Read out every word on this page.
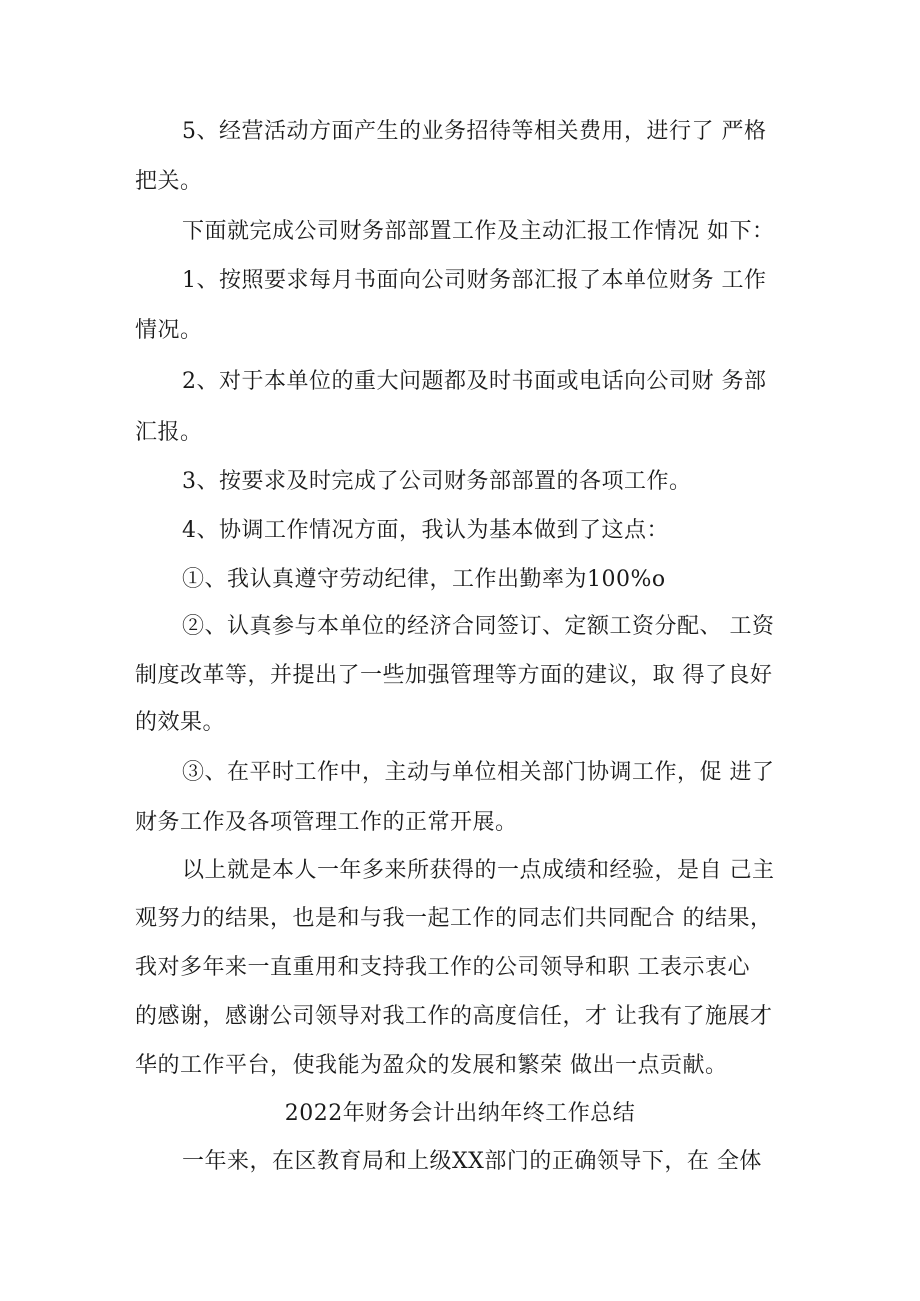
5、经营活动方面产生的业务招待等相关费用，进行了 严格
把关。
下面就完成公司财务部部置工作及主动汇报工作情况 如下：
1、按照要求每月书面向公司财务部汇报了本单位财务 工作
情况。
2、对于本单位的重大问题都及时书面或电话向公司财 务部
汇报。
3、按要求及时完成了公司财务部部置的各项工作。
4、协调工作情况方面，我认为基本做到了这点：
①、我认真遵守劳动纪律，工作出勤率为100%o
②、认真参与本单位的经济合同签订、定额工资分配、 工资
制度改革等，并提出了一些加强管理等方面的建议，取 得了良好
的效果。
③、在平时工作中，主动与单位相关部门协调工作，促 进了
财务工作及各项管理工作的正常开展。
以上就是本人一年多来所获得的一点成绩和经验，是自 己主
观努力的结果，也是和与我一起工作的同志们共同配合 的结果，
我对多年来一直重用和支持我工作的公司领导和职 工表示衷心
的感谢，感谢公司领导对我工作的高度信任，才 让我有了施展才
华的工作平台，使我能为盈众的发展和繁荣 做出一点贡献。
2022年财务会计出纳年终工作总结
一年来，在区教育局和上级XX部门的正确领导下，在 全体
